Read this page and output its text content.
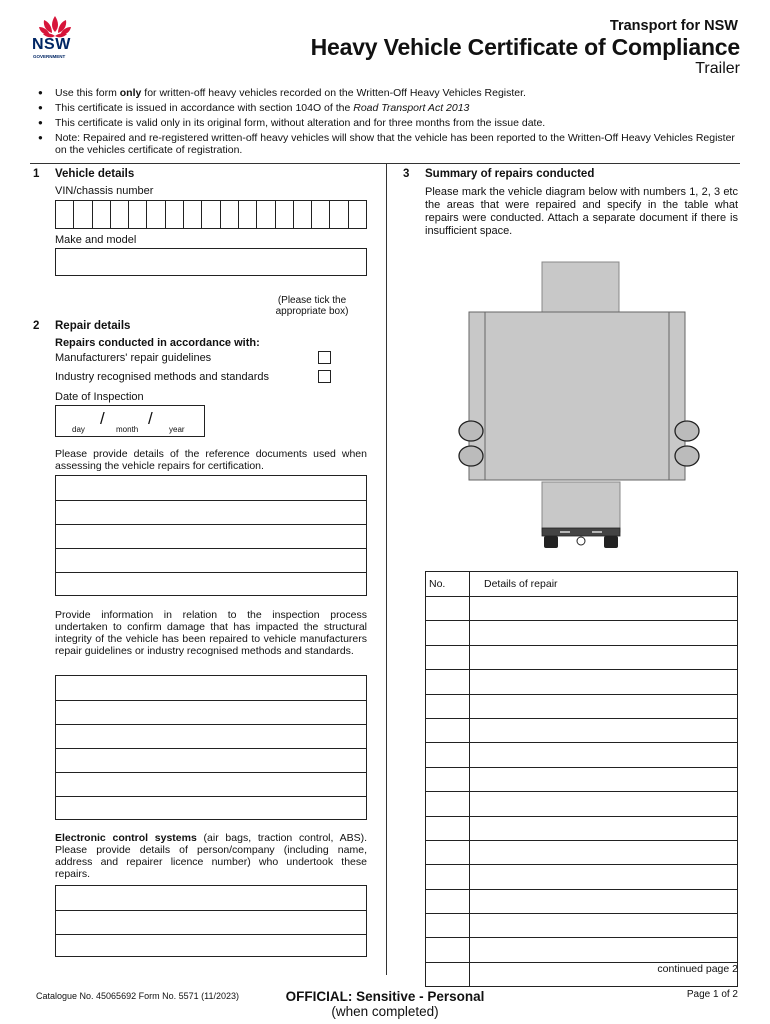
NSW
GOVERNMENT
Transport for NSW
Heavy Vehicle Certificate of Compliance
Trailer
● Use this form only for written-off heavy vehicles recorded on the Written-Off Heavy Vehicles Register.
● This certificate is issued in accordance with section 104O of the Road Transport Act 2013
● This certificate is valid only in its original form, without alteration and for three months from the issue date.
● Note: Repaired and re-registered written-off heavy vehicles will show that the vehicle has been reported to the Written-Off Heavy Vehicles Register on the vehicles certificate of registration.
1 Vehicle details
VIN/chassis number
Make and model
(Please tick the
appropriate box)
2 Repair details
Repairs conducted in accordance with:
Manufacturers' repair guidelines
Industry recognised methods and standards
Date of Inspection
day
/
month
/
year
Please provide details of the reference documents used when assessing the vehicle repairs for certification.
Provide information in relation to the inspection process undertaken to confirm damage that has impacted the structural integrity of the vehicle has been repaired to vehicle manufacturers repair guidelines or industry recognised methods and standards.
Electronic control systems (air bags, traction control, ABS). Please provide details of person/company (including name, address and repairer licence number) who undertook these repairs.
3 Summary of repairs conducted
Please mark the vehicle diagram below with numbers 1, 2, 3 etc the areas that were repaired and specify in the table what repairs were conducted. Attach a separate document if there is insufficient space.
No.	Details of repair

continued page 2
Catalogue No. 45065692 Form No. 5571 (11/2023)	OFFICIAL: Sensitive - Personal
(when completed)
Page 1 of 2
